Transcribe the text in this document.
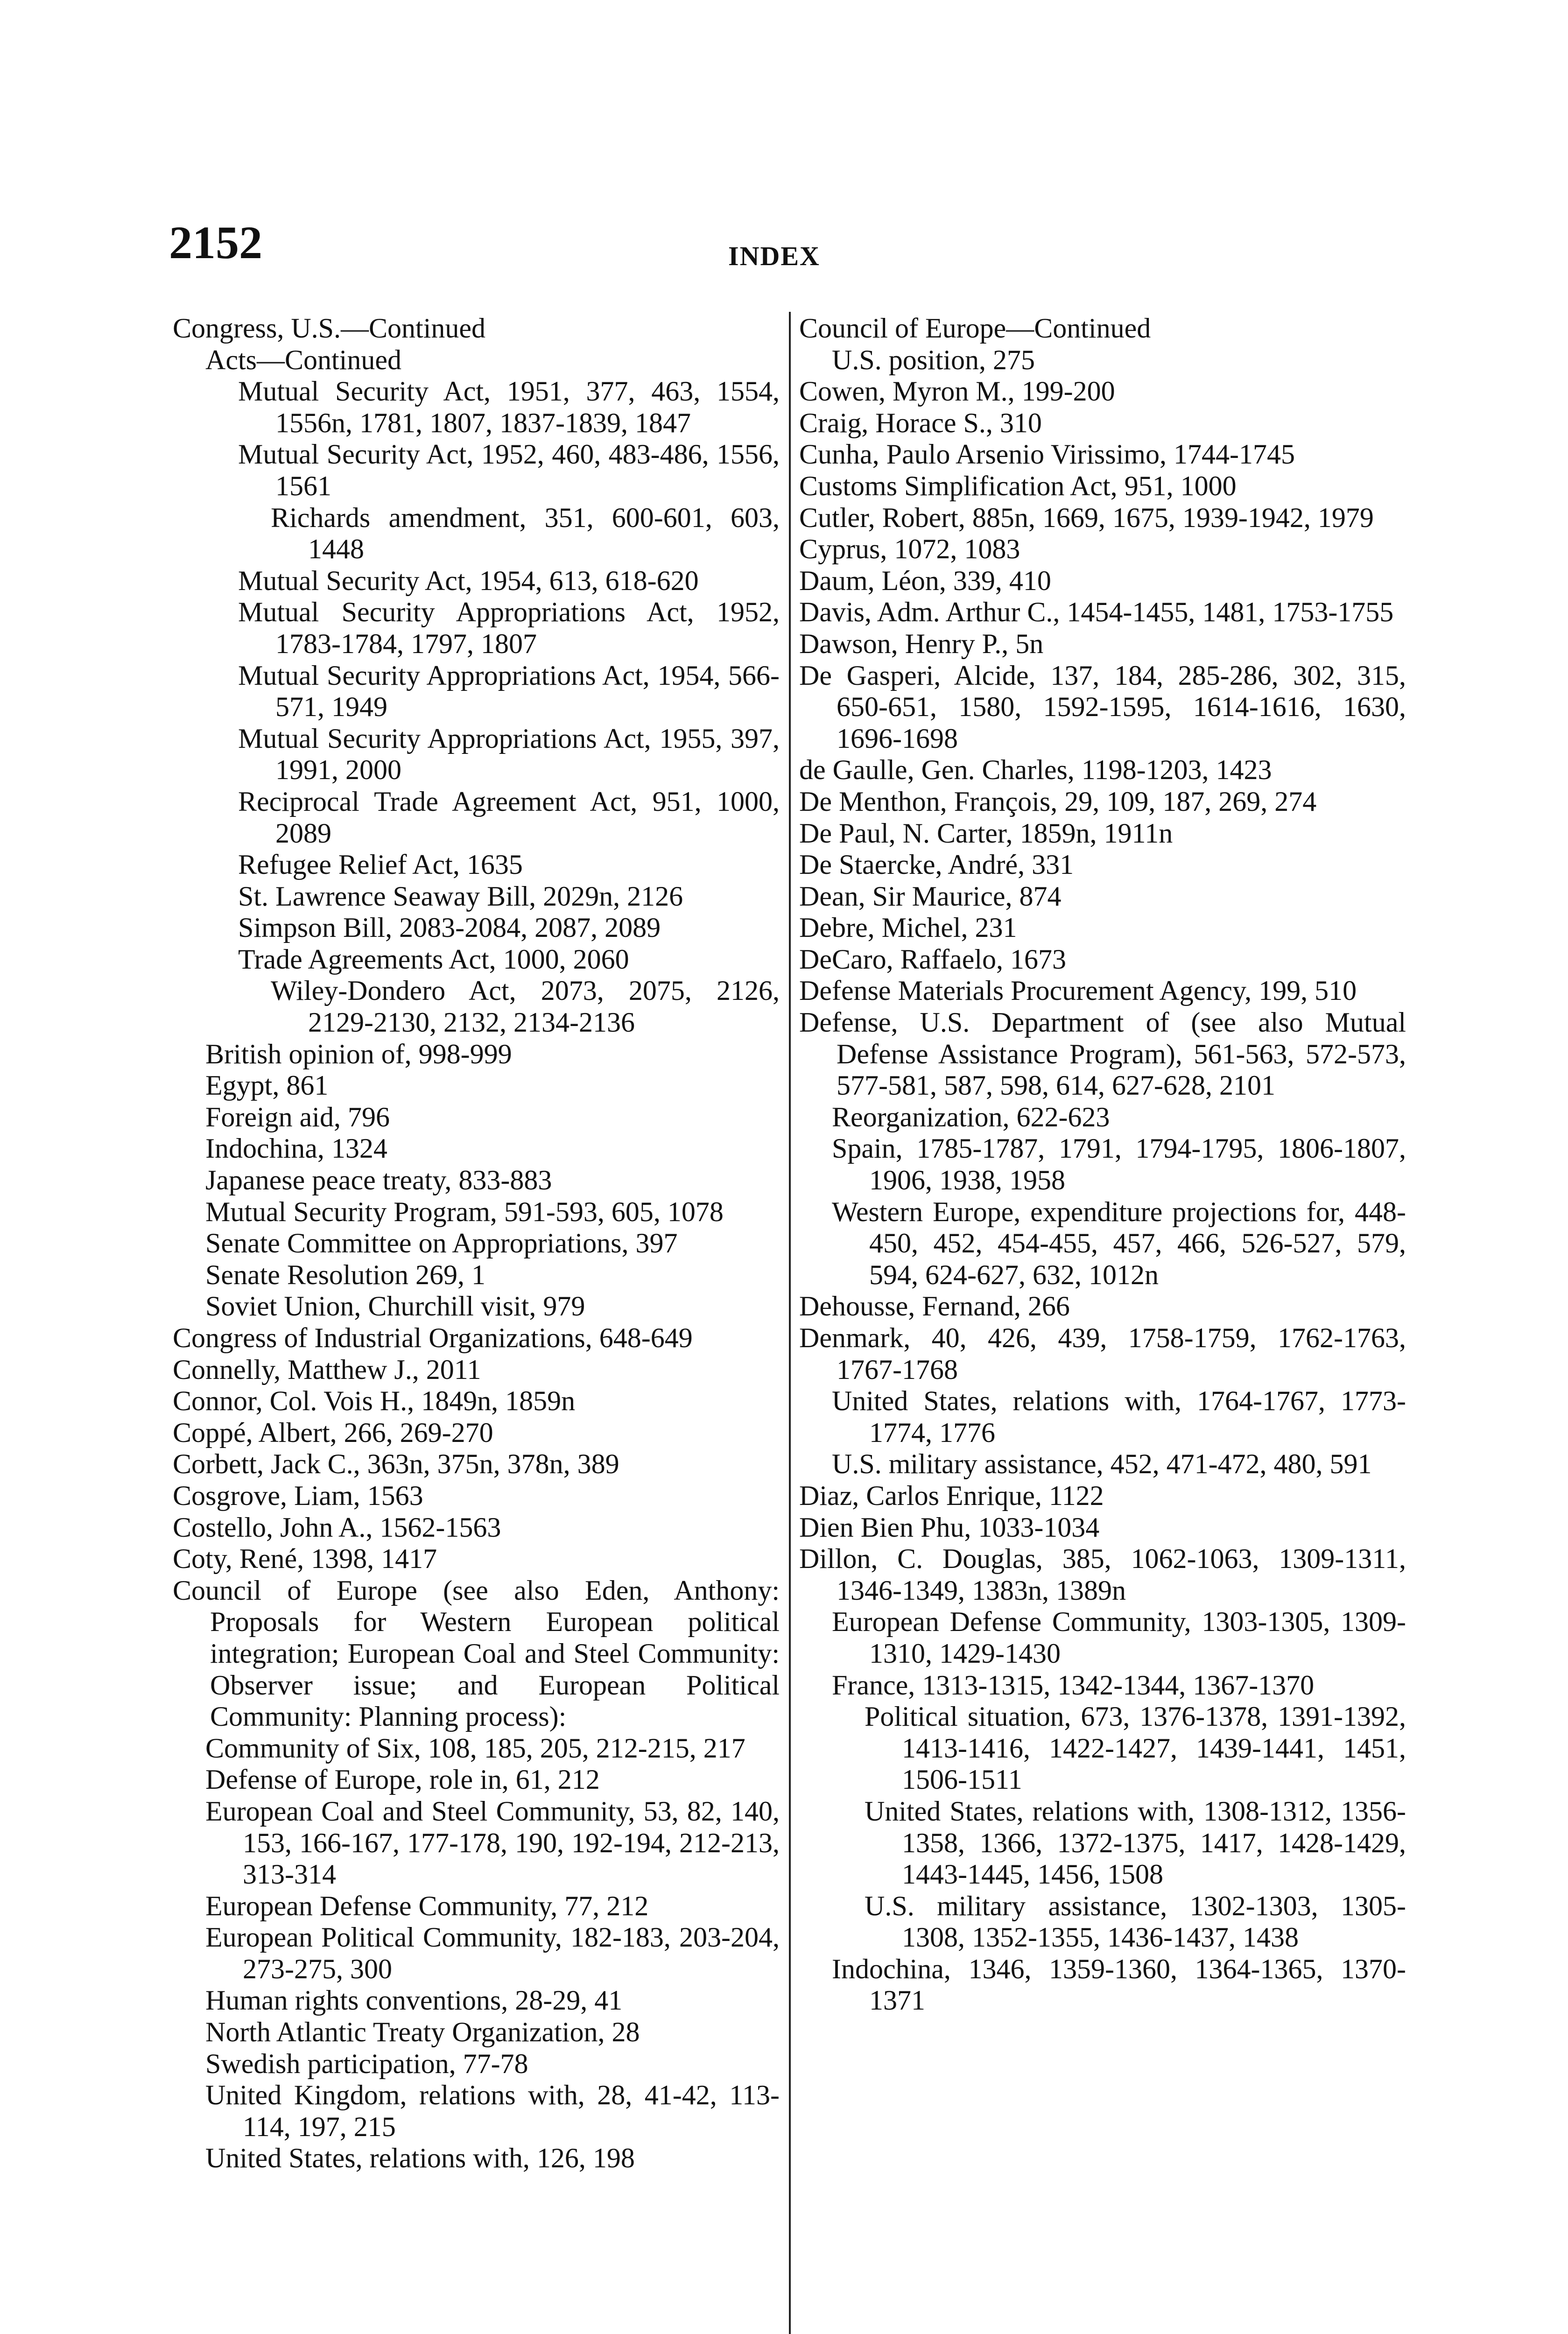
2152	INDEX
Congress, U.S.—Continued
Acts—Continued
Mutual Security Act, 1951, 377, 463, 1554, 1556n, 1781, 1807, 1837-1839, 1847
Mutual Security Act, 1952, 460, 483-486, 1556, 1561
Richards amendment, 351, 600-601, 603, 1448
Mutual Security Act, 1954, 613, 618-620
Mutual Security Appropriations Act, 1952, 1783-1784, 1797, 1807
Mutual Security Appropriations Act, 1954, 566-571, 1949
Mutual Security Appropriations Act, 1955, 397, 1991, 2000
Reciprocal Trade Agreement Act, 951, 1000, 2089
Refugee Relief Act, 1635
St. Lawrence Seaway Bill, 2029n, 2126
Simpson Bill, 2083-2084, 2087, 2089
Trade Agreements Act, 1000, 2060
Wiley-Dondero Act, 2073, 2075, 2126, 2129-2130, 2132, 2134-2136
British opinion of, 998-999
Egypt, 861
Foreign aid, 796
Indochina, 1324
Japanese peace treaty, 833-883
Mutual Security Program, 591-593, 605, 1078
Senate Committee on Appropriations, 397
Senate Resolution 269, 1
Soviet Union, Churchill visit, 979
Congress of Industrial Organizations, 648-649
Connelly, Matthew J., 2011
Connor, Col. Vois H., 1849n, 1859n
Coppé, Albert, 266, 269-270
Corbett, Jack C., 363n, 375n, 378n, 389
Cosgrove, Liam, 1563
Costello, John A., 1562-1563
Coty, René, 1398, 1417
Council of Europe (see also Eden, Anthony: Proposals for Western European political integration; European Coal and Steel Community: Observer issue; and European Political Community: Planning process):
Community of Six, 108, 185, 205, 212-215, 217
Defense of Europe, role in, 61, 212
European Coal and Steel Community, 53, 82, 140, 153, 166-167, 177-178, 190, 192-194, 212-213, 313-314
European Defense Community, 77, 212
European Political Community, 182-183, 203-204, 273-275, 300
Human rights conventions, 28-29, 41
North Atlantic Treaty Organization, 28
Swedish participation, 77-78
United Kingdom, relations with, 28, 41-42, 113-114, 197, 215
United States, relations with, 126, 198
Council of Europe—Continued
U.S. position, 275
Cowen, Myron M., 199-200
Craig, Horace S., 310
Cunha, Paulo Arsenio Virissimo, 1744-1745
Customs Simplification Act, 951, 1000
Cutler, Robert, 885n, 1669, 1675, 1939-1942, 1979
Cyprus, 1072, 1083
Daum, Léon, 339, 410
Davis, Adm. Arthur C., 1454-1455, 1481, 1753-1755
Dawson, Henry P., 5n
De Gasperi, Alcide, 137, 184, 285-286, 302, 315, 650-651, 1580, 1592-1595, 1614-1616, 1630, 1696-1698
de Gaulle, Gen. Charles, 1198-1203, 1423
De Menthon, François, 29, 109, 187, 269, 274
De Paul, N. Carter, 1859n, 1911n
De Staercke, André, 331
Dean, Sir Maurice, 874
Debre, Michel, 231
DeCaro, Raffaelo, 1673
Defense Materials Procurement Agency, 199, 510
Defense, U.S. Department of (see also Mutual Defense Assistance Program), 561-563, 572-573, 577-581, 587, 598, 614, 627-628, 2101
Reorganization, 622-623
Spain, 1785-1787, 1791, 1794-1795, 1806-1807, 1906, 1938, 1958
Western Europe, expenditure projections for, 448-450, 452, 454-455, 457, 466, 526-527, 579, 594, 624-627, 632, 1012n
Dehousse, Fernand, 266
Denmark, 40, 426, 439, 1758-1759, 1762-1763, 1767-1768
United States, relations with, 1764-1767, 1773-1774, 1776
U.S. military assistance, 452, 471-472, 480, 591
Diaz, Carlos Enrique, 1122
Dien Bien Phu, 1033-1034
Dillon, C. Douglas, 385, 1062-1063, 1309-1311, 1346-1349, 1383n, 1389n
European Defense Community, 1303-1305, 1309-1310, 1429-1430
France, 1313-1315, 1342-1344, 1367-1370
Political situation, 673, 1376-1378, 1391-1392, 1413-1416, 1422-1427, 1439-1441, 1451, 1506-1511
United States, relations with, 1308-1312, 1356-1358, 1366, 1372-1375, 1417, 1428-1429, 1443-1445, 1456, 1508
U.S. military assistance, 1302-1303, 1305-1308, 1352-1355, 1436-1437, 1438
Indochina, 1346, 1359-1360, 1364-1365, 1370-1371
